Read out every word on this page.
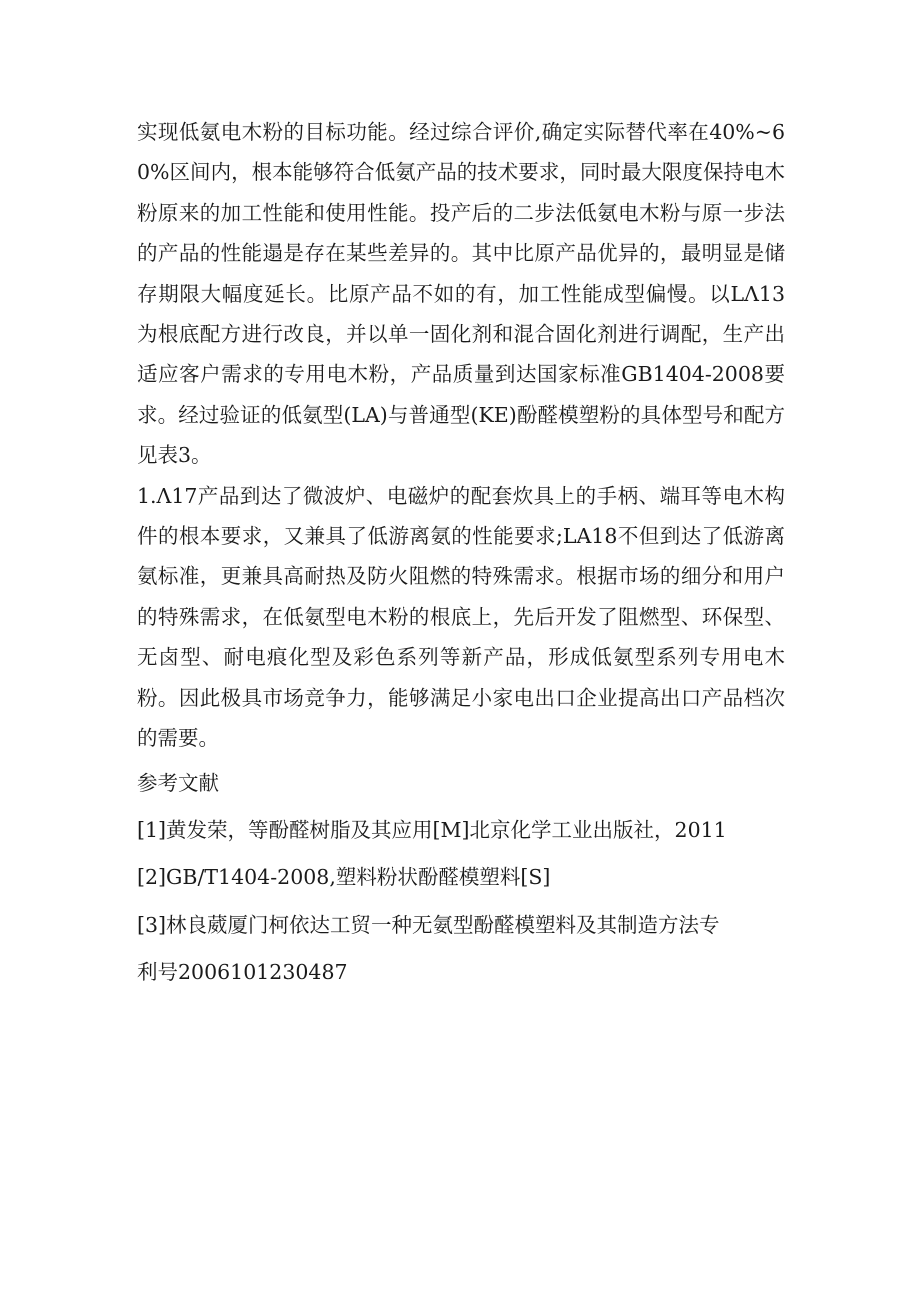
实现低氨电木粉的目标功能。经过综合评价,确定实际替代率在40%~60%区间内，根本能够符合低氨产品的技术要求，同时最大限度保持电木粉原来的加工性能和使用性能。投产后的二步法低氨电木粉与原一步法的产品的性能遢是存在某些差异的。其中比原产品优异的，最明显是储存期限大幅度延长。比原产品不如的有，加工性能成型偏慢。以LΛ13为根底配方进行改良，并以单一固化剂和混合固化剂进行调配，生产出适应客户需求的专用电木粉，产品质量到达国家标准GB1404-2008要求。经过验证的低氨型(LA)与普通型(KE)酚醛模塑粉的具体型号和配方见表3。

1.Λ17产品到达了微波炉、电磁炉的配套炊具上的手柄、端耳等电木构件的根本要求，又兼具了低游离氨的性能要求;LA18不但到达了低游离氨标准，更兼具高耐热及防火阻燃的特殊需求。根据市场的细分和用户的特殊需求，在低氨型电木粉的根底上，先后开发了阻燃型、环保型、无卤型、耐电痕化型及彩色系列等新产品，形成低氨型系列专用电木粉。因此极具市场竞争力，能够满足小家电出口企业提高出口产品档次的需要。

参考文献

[1]黄发荣，等酚醛树脂及其应用[M]北京化学工业出版社，2011

[2]GB/T1404-2008,塑料粉状酚醛模塑料[S]

[3]林良葳厦门柯依达工贸一种无氨型酚醛模塑料及其制造方法专

利号2006101230487
